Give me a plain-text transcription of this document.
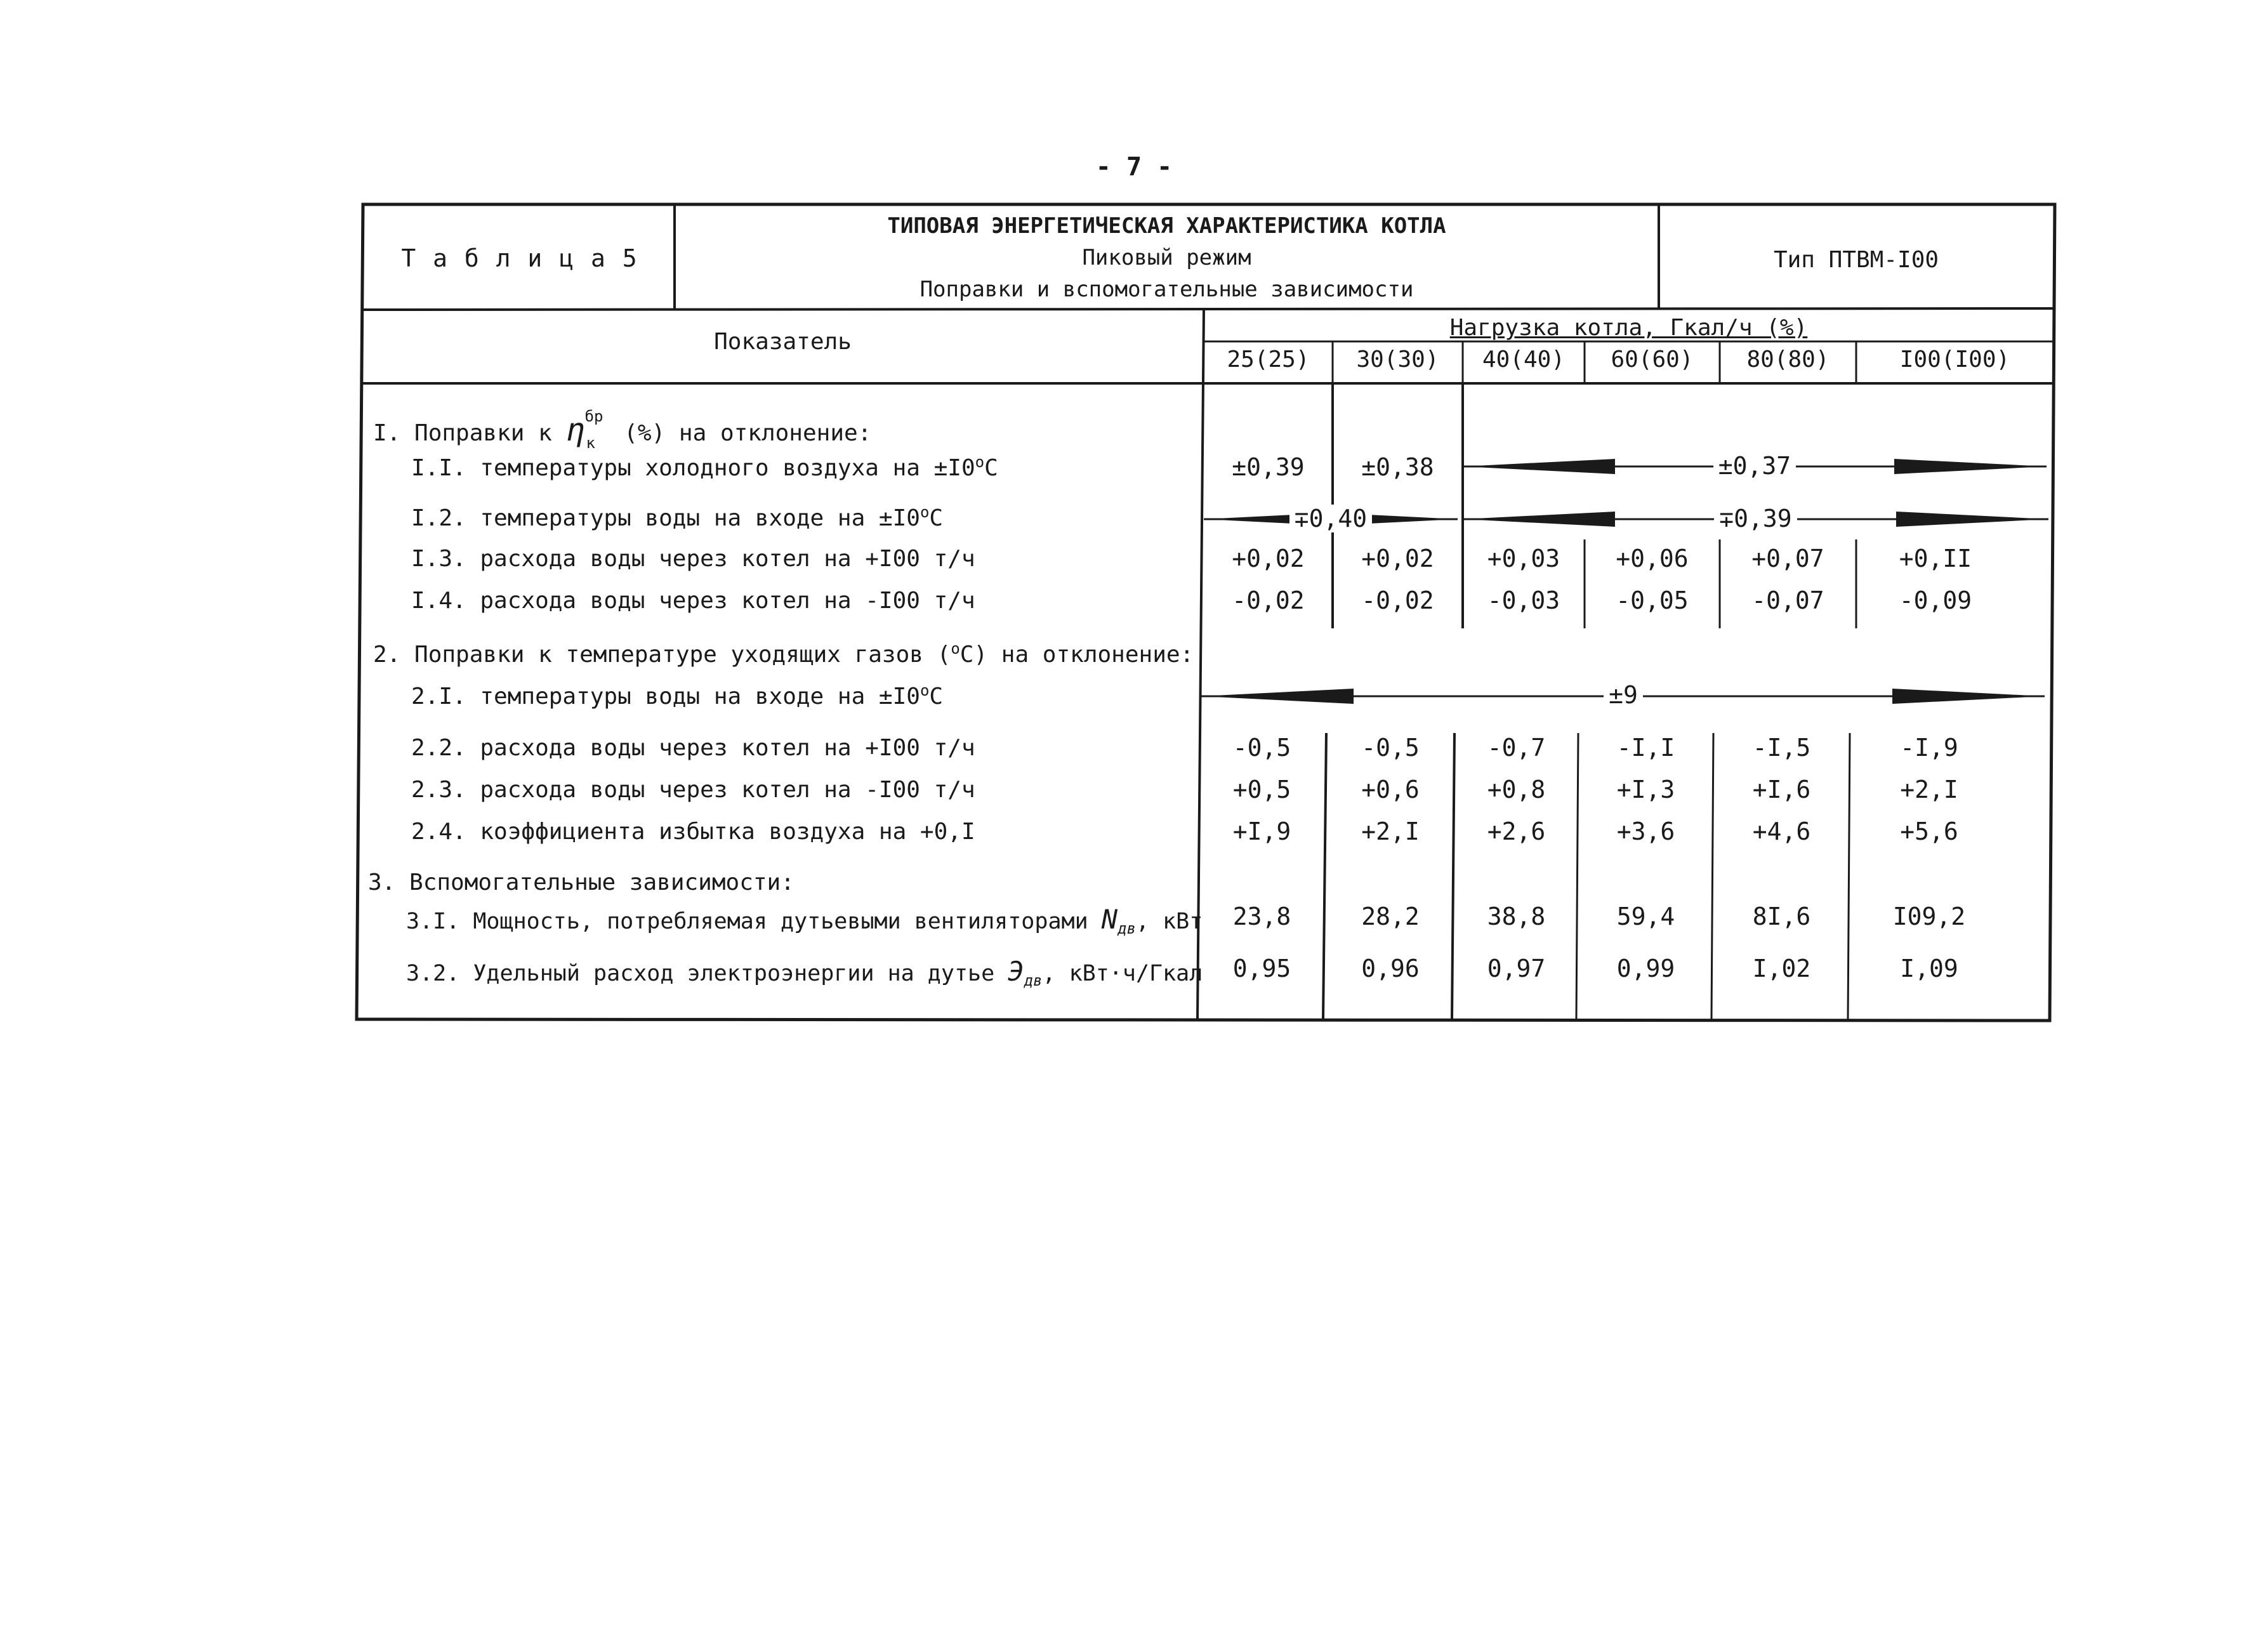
- 7 -
Т а б л и ц а 5
ТИПОВАЯ ЭНЕРГЕТИЧЕСКАЯ ХАРАКТЕРИСТИКА КОТЛА
Пиковый режим
Поправки и вспомогательные зависимости
Тип ПТВМ-I00
Показатель
Нагрузка котла, Гкал/ч (%)
25(25)	30(30)	40(40)	60(60)	80(80)	I00(I00)
I. Поправки к η бр
к (%) на отклонение:
I.I. температуры холодного воздуха на $\pm I0^oС$	±0,39	±0,38	±0,37
I.2. температуры воды на входе на $\pm I0^oС$	∓0,40	∓0,39
I.3. расхода воды через котел на +I00 т/ч	+0,02	+0,02	+0,03	+0,06	+0,07	+0,II
I.4. расхода воды через котел на -I00 т/ч	-0,02	-0,02	-0,03	-0,05	-0,07	-0,09
2. Поправки к температуре уходящих газов ($^o$С) на отклонение:
2.I. температуры воды на входе на $\pm I0^oС$	±9
2.2. расхода воды через котел на +I00 т/ч	-0,5	-0,5	-0,7	-I,I	-I,5	-I,9
2.3. расхода воды через котел на -I00 т/ч	+0,5	+0,6	+0,8	+I,3	+I,6	+2,I
2.4. коэффициента избытка воздуха на +0,I	+I,9	+2,I	+2,6	+3,6	+4,6	+5,6
3. Вспомогательные зависимости:
3.I. Мощность, потребляемая дутьевыми вентиляторами $N_{дв}$, кВт	23,8	28,2	38,8	59,4	8I,6	I09,2
3.2. Удельный расход электроэнергии на дутье $Э_{дв}$, кВт·ч/Гкал	0,95	0,96	0,97	0,99	I,02	I,09
